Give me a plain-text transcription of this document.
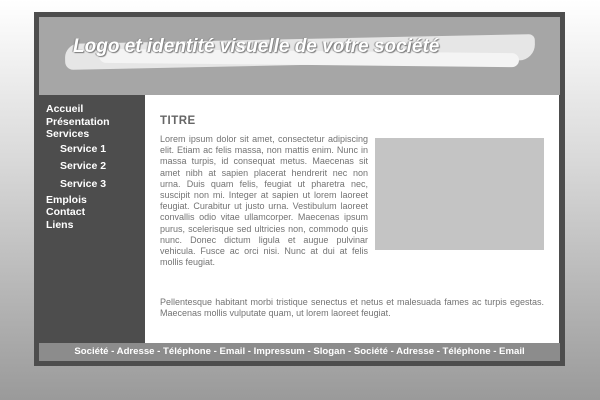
Logo et identité visuelle de votre société
Accueil
Présentation
Services
Service 1
Service 2
Service 3
Emplois
Contact
Liens
TITRE

Lorem ipsum dolor sit amet, consectetur adipiscing elit. Etiam ac felis massa, non mattis enim. Nunc in massa turpis, id consequat metus. Maecenas sit amet nibh at sapien placerat hendrerit nec non urna. Duis quam felis, feugiat ut pharetra nec, suscipit non mi. Integer at sapien ut lorem laoreet feugiat. Curabitur ut justo urna. Vestibulum laoreet convallis odio vitae ullamcorper. Maecenas ipsum purus, scelerisque sed ultricies non, commodo quis nunc. Donec dictum ligula et augue pulvinar vehicula. Fusce ac orci nisi. Nunc at dui at felis mollis feugiat.

Pellentesque habitant morbi tristique senectus et netus et malesuada fames ac turpis egestas. Maecenas mollis vulputate quam, ut lorem laoreet feugiat.

Société - Adresse - Téléphone - Email - Impressum - Slogan - Société - Adresse - Téléphone - Email
